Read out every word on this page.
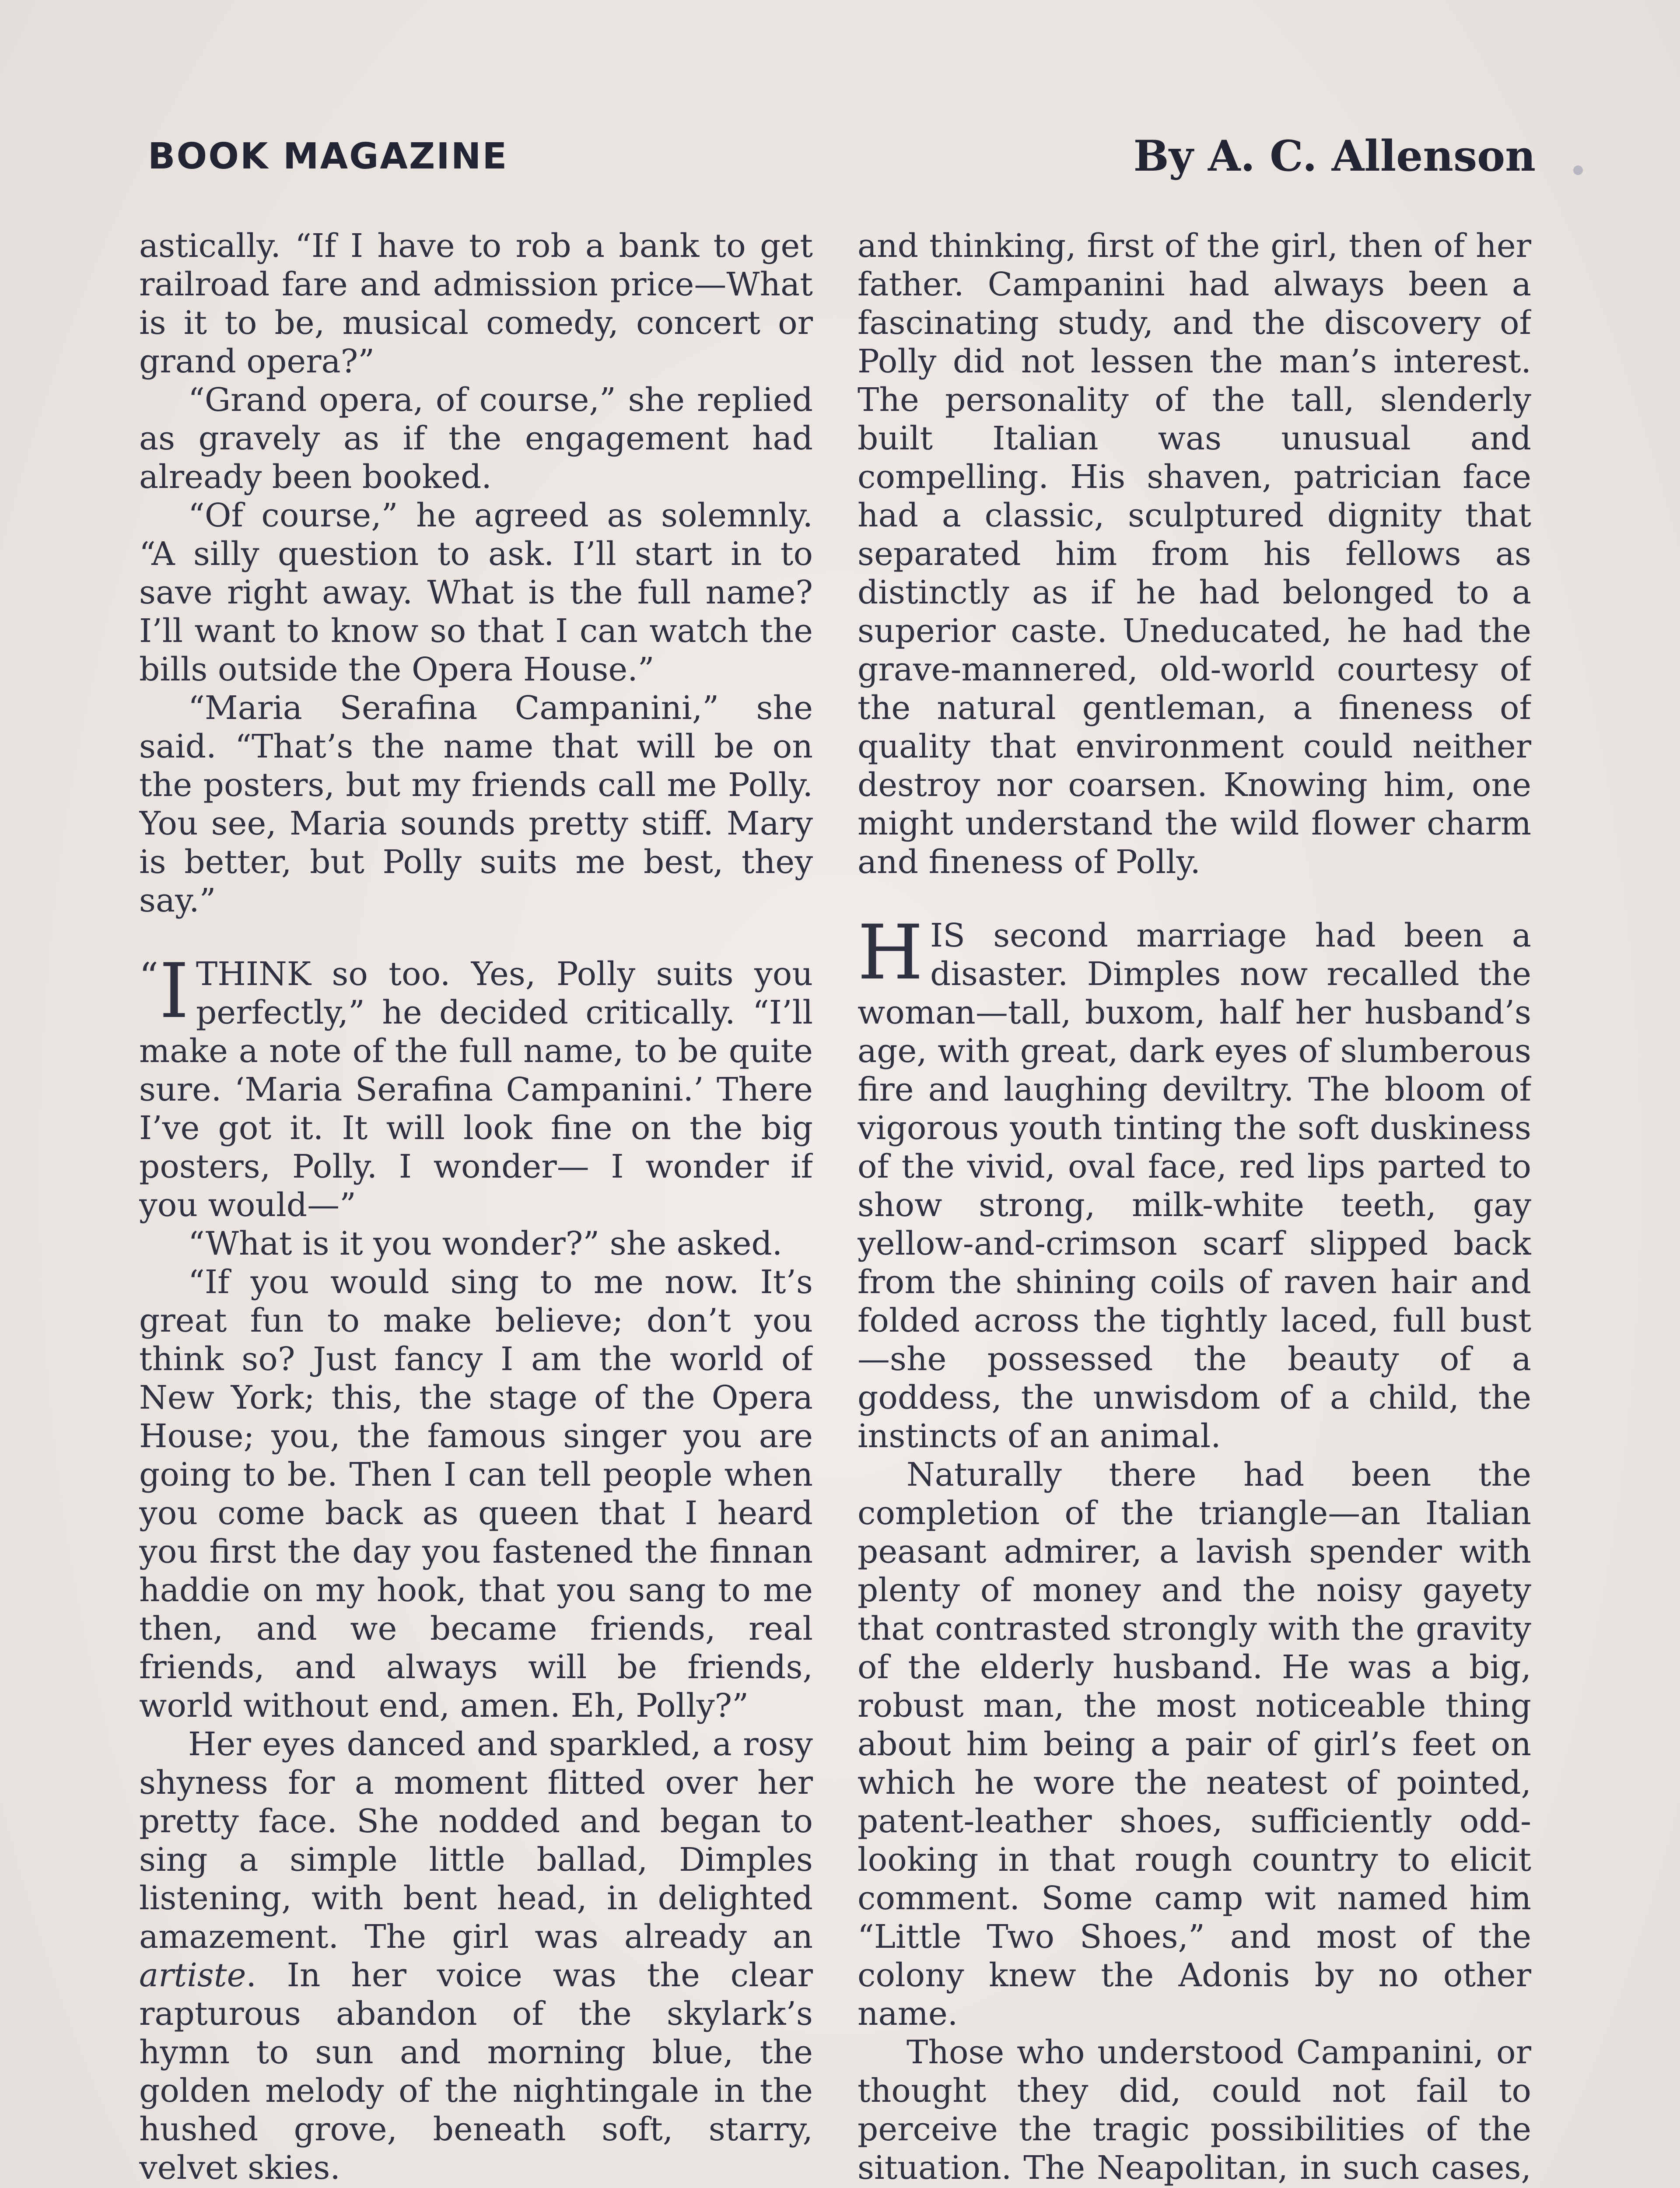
BOOK MAGAZINE	By A. C. Allenson

astically. “If I have to rob a bank to get railroad fare and admission price—What is it to be, musical comedy, concert or grand opera?”

“Grand opera, of course,” she replied as gravely as if the engagement had already been booked.

“Of course,” he agreed as solemnly. “A silly question to ask. I’ll start in to save right away. What is the full name? I’ll want to know so that I can watch the bills outside the Opera House.”

“Maria Serafina Campanini,” she said. “That’s the name that will be on the posters, but my friends call me Polly. You see, Maria sounds pretty stiff. Mary is better, but Polly suits me best, they say.”

“ I THINK so too. Yes, Polly suits you perfectly,” he decided critically. “I’ll make a note of the full name, to be quite sure. ‘Maria Serafina Campanini.’ There I’ve got it. It will look fine on the big posters, Polly. I wonder— I wonder if you would—”

“What is it you wonder?” she asked.

“If you would sing to me now. It’s great fun to make believe; don’t you think so? Just fancy I am the world of New York; this, the stage of the Opera House; you, the famous singer you are going to be. Then I can tell people when you come back as queen that I heard you first the day you fastened the finnan haddie on my hook, that you sang to me then, and we became friends, real friends, and always will be friends, world without end, amen. Eh, Polly?”

Her eyes danced and sparkled, a rosy shyness for a moment flitted over her pretty face. She nodded and began to sing a simple little ballad, Dimples listening, with bent head, in delighted amazement. The girl was already an artiste. In her voice was the clear rapturous abandon of the skylark’s hymn to sun and morning blue, the golden melody of the nightingale in the hushed grove, beneath soft, starry, velvet skies.

and thinking, first of the girl, then of her father. Campanini had always been a fascinating study, and the discovery of Polly did not lessen the man’s interest. The personality of the tall, slenderly built Italian was unusual and compelling. His shaven, patrician face had a classic, sculptured dignity that separated him from his fellows as distinctly as if he had belonged to a superior caste. Uneducated, he had the grave-mannered, old-world courtesy of the natural gentleman, a fineness of quality that environment could neither destroy nor coarsen. Knowing him, one might understand the wild flower charm and fineness of Polly.

HIS second marriage had been a disaster. Dimples now recalled the woman—tall, buxom, half her husband’s age, with great, dark eyes of slumberous fire and laughing deviltry. The bloom of vigorous youth tinting the soft duskiness of the vivid, oval face, red lips parted to show strong, milk-white teeth, gay yellow-and-crimson scarf slipped back from the shining coils of raven hair and folded across the tightly laced, full bust—she possessed the beauty of a goddess, the unwisdom of a child, the instincts of an animal.

Naturally there had been the completion of the triangle—an Italian peasant admirer, a lavish spender with plenty of money and the noisy gayety that contrasted strongly with the gravity of the elderly husband. He was a big, robust man, the most noticeable thing about him being a pair of girl’s feet on which he wore the neatest of pointed, patent-leather shoes, sufficiently odd-looking in that rough country to elicit comment. Some camp wit named him “Little Two Shoes,” and most of the colony knew the Adonis by no other name.

Those who understood Campanini, or thought they did, could not fail to perceive the tragic possibilities of the situation. The Neapolitan, in such cases,
